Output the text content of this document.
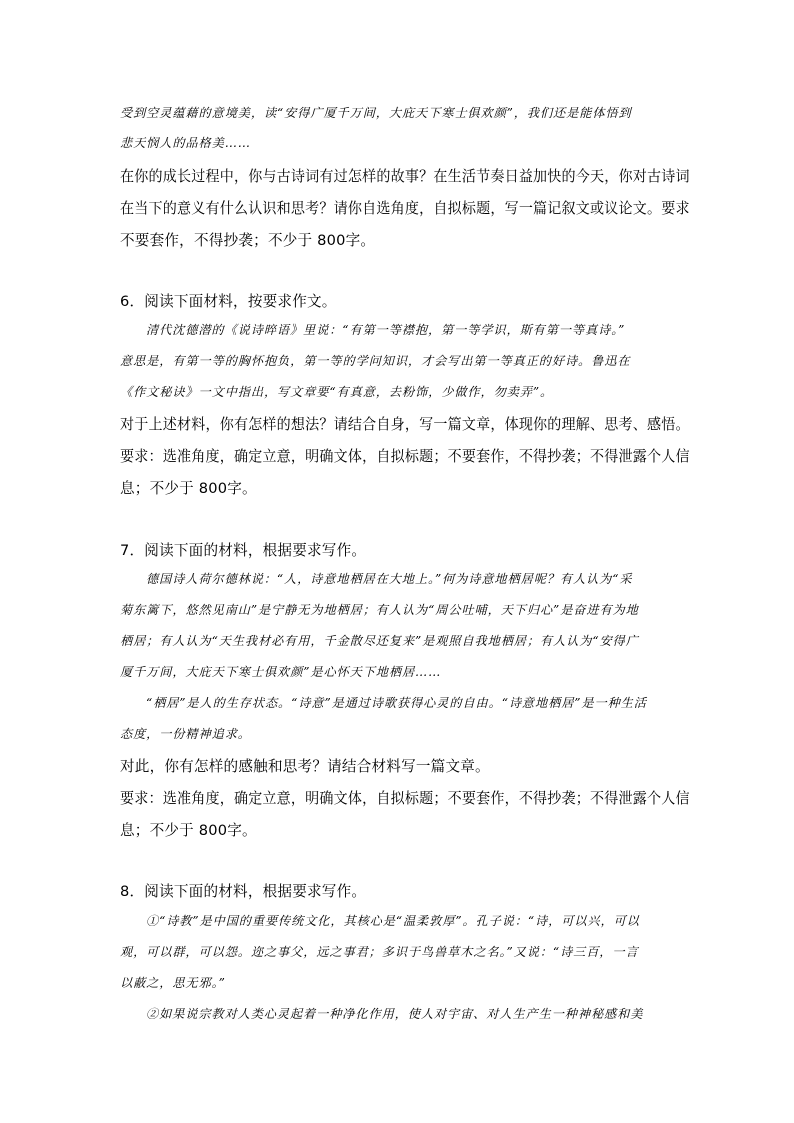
受到空灵蕴藉的意境美，读“安得广厦千万间，大庇天下寒士俱欢颜”，我们还是能体悟到

悲天悯人的品格美……

在你的成长过程中，你与古诗词有过怎样的故事？在生活节奏日益加快的今天，你对古诗词

在当下的意义有什么认识和思考？请你自选角度，自拟标题，写一篇记叙文或议论文。要求

不要套作，不得抄袭；不少于 800字。

6．阅读下面材料，按要求作文。

清代沈德潜的《说诗晬语》里说：“有第一等襟抱，第一等学识，斯有第一等真诗。”

意思是，有第一等的胸怀抱负，第一等的学问知识，才会写出第一等真正的好诗。鲁迅在

《作文秘诀》一文中指出，写文章要“有真意，去粉饰，少做作，勿卖弄”。

对于上述材料，你有怎样的想法？请结合自身，写一篇文章，体现你的理解、思考、感悟。

要求：选准角度，确定立意，明确文体，自拟标题；不要套作，不得抄袭；不得泄露个人信

息；不少于 800字。

7．阅读下面的材料，根据要求写作。

德国诗人荷尔德林说：“人，诗意地栖居在大地上。”何为诗意地栖居呢？有人认为“采

菊东篱下，悠然见南山”是宁静无为地栖居；有人认为“周公吐哺，天下归心”是奋进有为地

栖居；有人认为“天生我材必有用，千金散尽还复来”是观照自我地栖居；有人认为“安得广

厦千万间，大庇天下寒士俱欢颜”是心怀天下地栖居……

“栖居”是人的生存状态。“诗意”是通过诗歌获得心灵的自由。“诗意地栖居”是一种生活

态度，一份精神追求。

对此，你有怎样的感触和思考？请结合材料写一篇文章。

要求：选准角度，确定立意，明确文体，自拟标题；不要套作，不得抄袭；不得泄露个人信

息；不少于 800字。

8．阅读下面的材料，根据要求写作。

①“诗教”是中国的重要传统文化，其核心是“温柔敦厚”。孔子说：“诗，可以兴，可以

观，可以群，可以怨。迩之事父，远之事君；多识于鸟兽草木之名。”又说：“诗三百，一言

以蔽之，思无邪。”

②如果说宗教对人类心灵起着一种净化作用，使人对宇宙、对人生产生一种神秘感和美
